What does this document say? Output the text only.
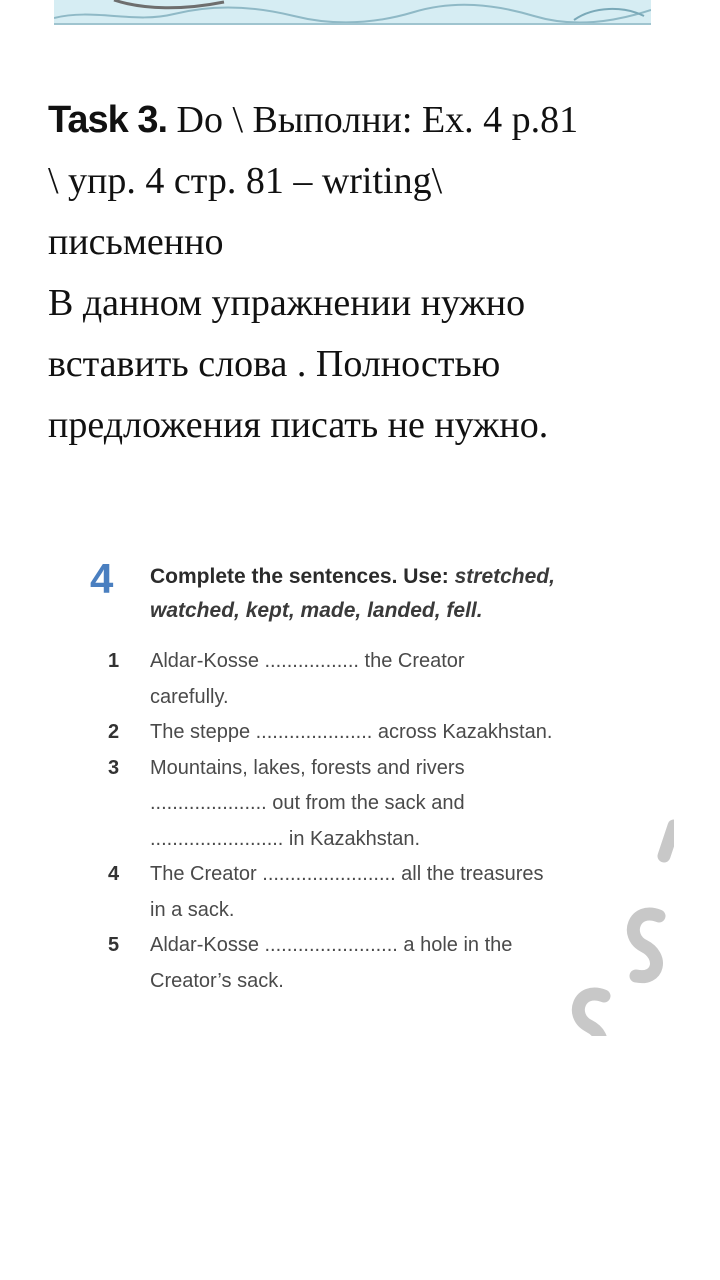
Task 3. Do \ Выполни: Ex. 4 p.81
\ упр. 4 стр. 81 – writing\
письменно
В данном упражнении нужно
вставить слова . Полностью
предложения писать не нужно.
4 Complete the sentences. Use: stretched,
watched, kept, made, landed, fell.
1	Aldar-Kosse ................. the Creator
carefully.
2	The steppe ..................... across Kazakhstan.
3	Mountains, lakes, forests and rivers
..................... out from the sack and
........................ in Kazakhstan.
4	The Creator ........................ all the treasures
in a sack.
5	Aldar-Kosse ........................ a hole in the
Creator’s sack.
